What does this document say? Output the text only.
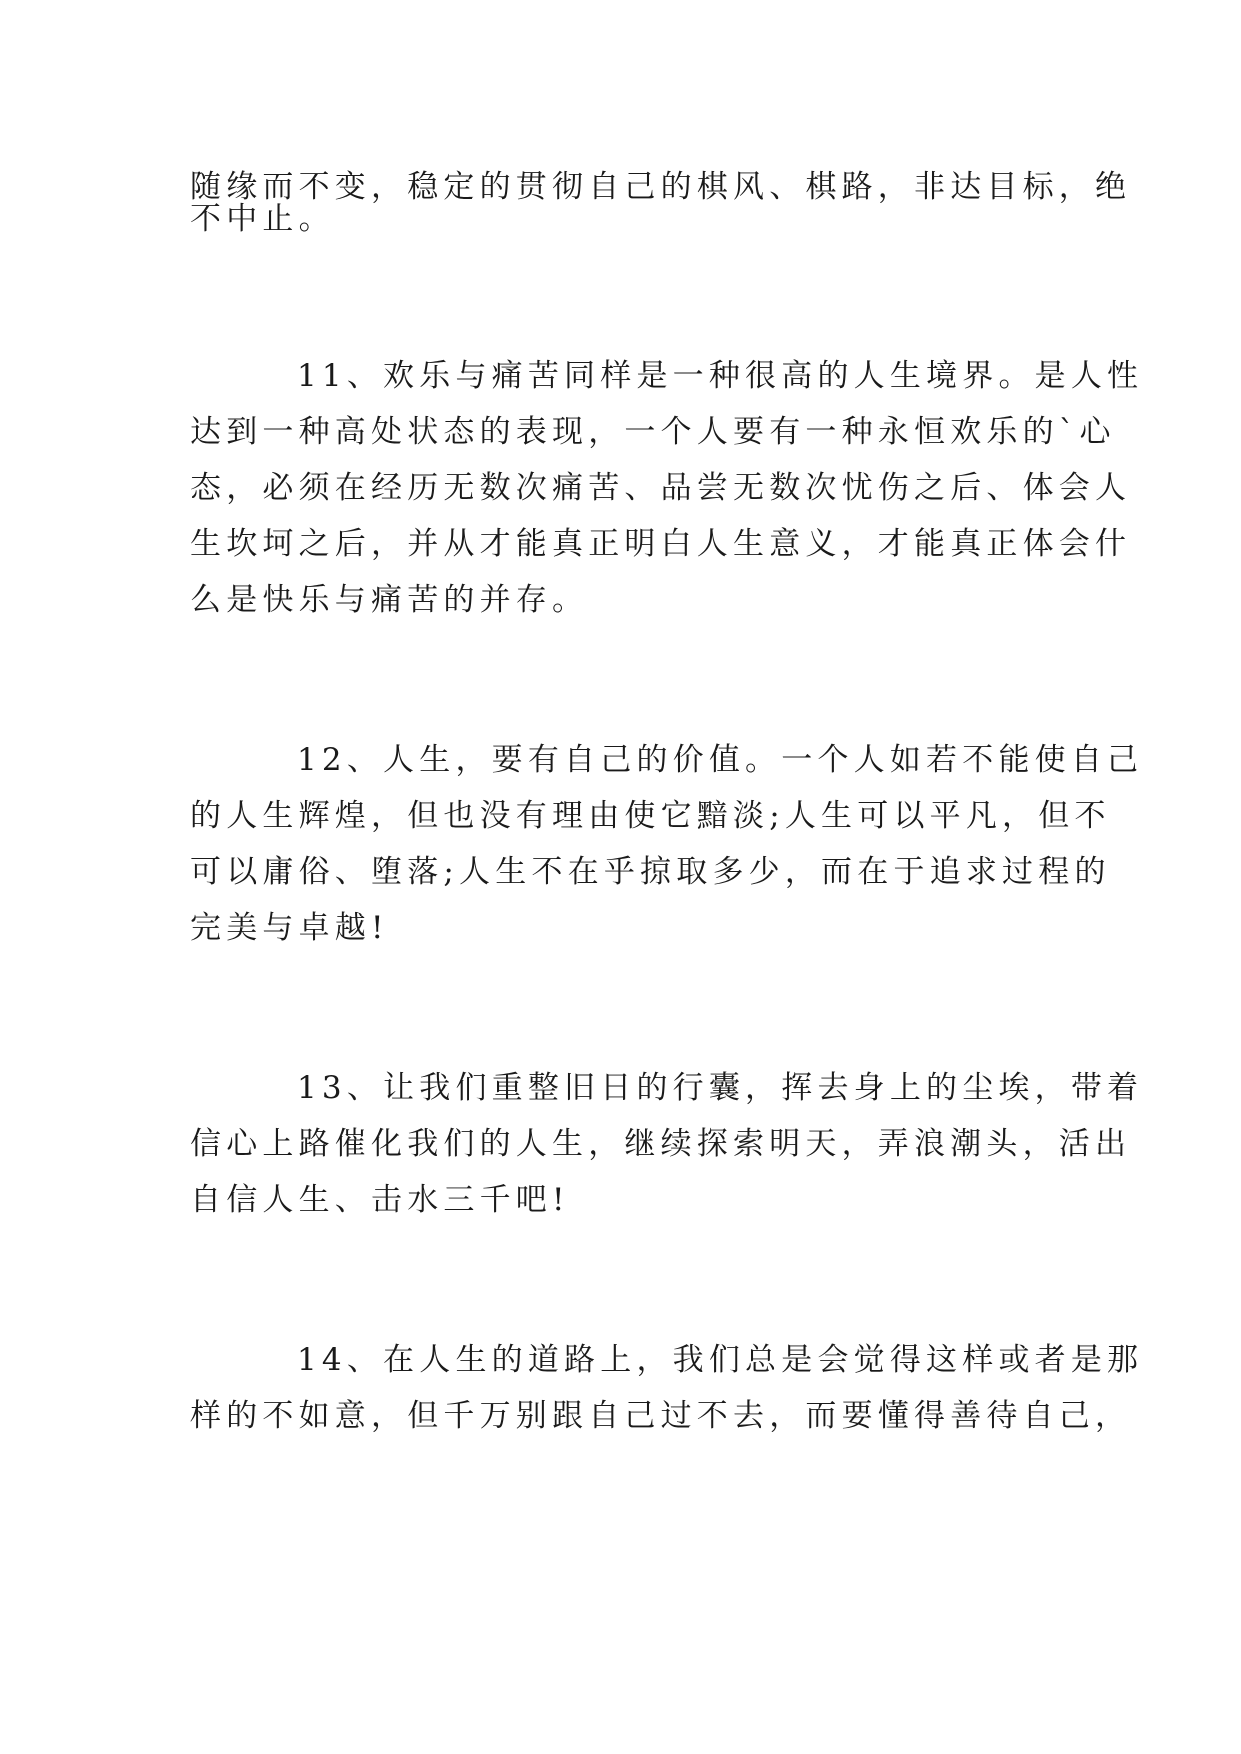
随缘而不变，稳定的贯彻自己的棋风、棋路，非达目标，绝
不中止。
11、欢乐与痛苦同样是一种很高的人生境界。是人性
达到一种高处状态的表现，一个人要有一种永恒欢乐的`心
态，必须在经历无数次痛苦、品尝无数次忧伤之后、体会人
生坎坷之后，并从才能真正明白人生意义，才能真正体会什
么是快乐与痛苦的并存。
12、人生，要有自己的价值。一个人如若不能使自己
的人生辉煌，但也没有理由使它黯淡;人生可以平凡，但不
可以庸俗、堕落;人生不在乎掠取多少，而在于追求过程的
完美与卓越!
13、让我们重整旧日的行囊，挥去身上的尘埃，带着
信心上路催化我们的人生，继续探索明天，弄浪潮头，活出
自信人生、击水三千吧!
14、在人生的道路上，我们总是会觉得这样或者是那
样的不如意，但千万别跟自己过不去，而要懂得善待自己，
